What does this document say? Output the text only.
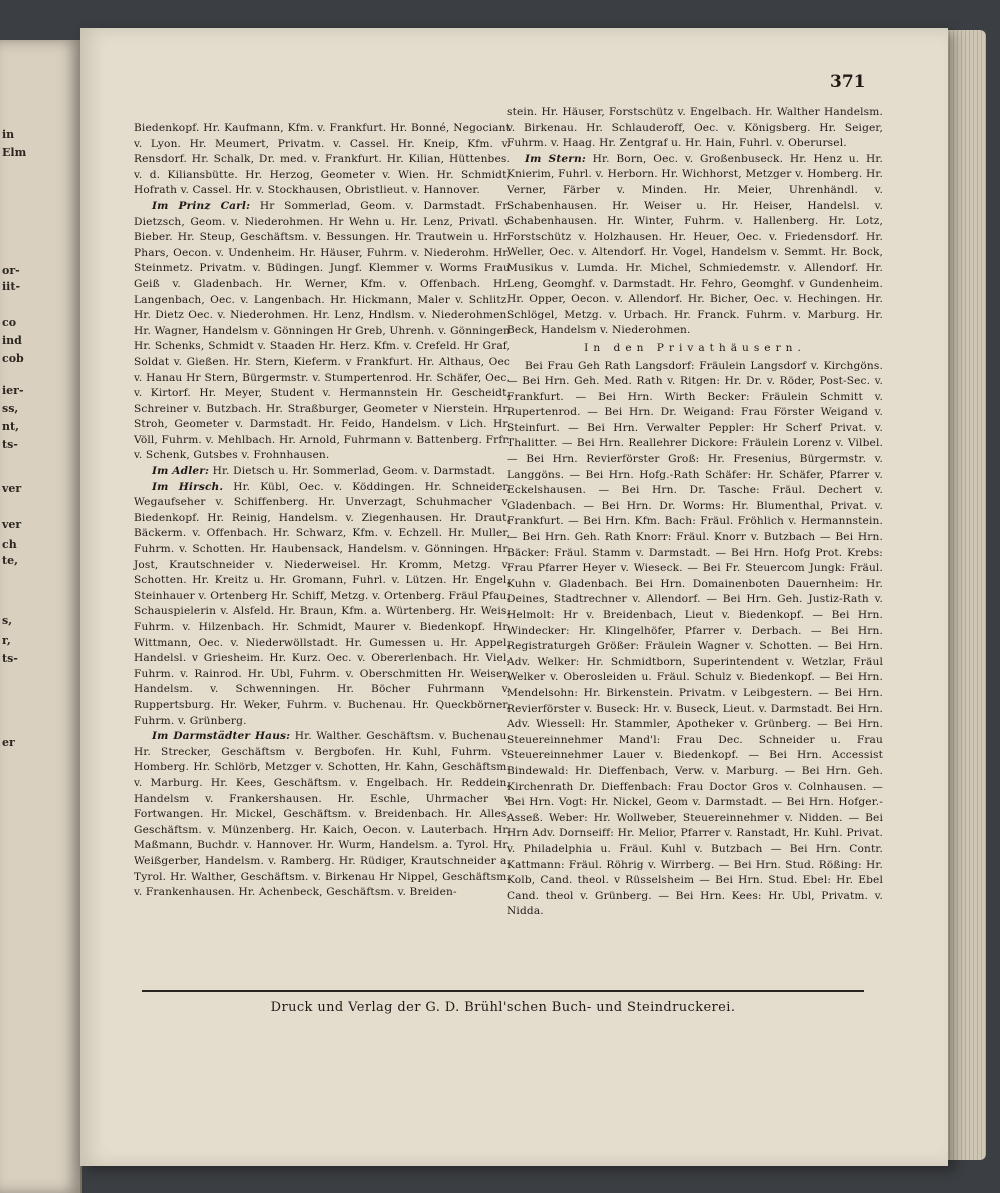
in
Elm
or-
iit-
co
ind
cob
ier-
ss,
nt,
ts-
ver
ver
ch
te,
s,
r,
ts-
er
371

Biedenkopf. Hr. Kaufmann, Kfm. v. Frankfurt. Hr. Bonné, Negociant v. Lyon. Hr. Meumert, Privatm. v. Cassel. Hr. Kneip, Kfm. v. Rensdorf. Hr. Schalk, Dr. med. v. Frankfurt. Hr. Kilian, Hüttenbes. v. d. Kiliansbütte. Hr. Herzog, Geometer v. Wien. Hr. Schmidt, Hofrath v. Cassel. Hr. v. Stockhausen, Obristlieut. v. Hannover.

Im Prinz Carl: Hr Sommerlad, Geom. v. Darmstadt. Fr. Dietzsch, Geom. v. Niederohmen. Hr Wehn u. Hr. Lenz, Privatl. v Bieber. Hr. Steup, Geschäftsm. v. Bessungen. Hr. Trautwein u. Hr. Phars, Oecon. v. Undenheim. Hr. Häuser, Fuhrm. v. Niederohm. Hr. Steinmetz. Privatm. v. Büdingen. Jungf. Klemmer v. Worms Frau Geiß v. Gladenbach. Hr. Werner, Kfm. v. Offenbach. Hr. Langenbach, Oec. v. Langenbach. Hr. Hickmann, Maler v. Schlitz. Hr. Dietz Oec. v. Niederohmen. Hr. Lenz, Hndlsm. v. Niederohmen. Hr. Wagner, Handelsm v. Gönningen Hr Greb, Uhrenh. v. Gönningen Hr. Schenks, Schmidt v. Staaden Hr. Herz. Kfm. v. Crefeld. Hr Graf, Soldat v. Gießen. Hr. Stern, Kieferm. v Frankfurt. Hr. Althaus, Oec v. Hanau Hr Stern, Bürgermstr. v. Stumpertenrod. Hr. Schäfer, Oec. v. Kirtorf. Hr. Meyer, Student v. Hermannstein Hr. Gescheidt, Schreiner v. Butzbach. Hr. Straßburger, Geometer v Nierstein. Hr. Stroh, Geometer v. Darmstadt. Hr. Feido, Handelsm. v Lich. Hr. Völl, Fuhrm. v. Mehlbach. Hr. Arnold, Fuhrmann v. Battenberg. Frfr. v. Schenk, Gutsbes v. Frohnhausen.

Im Adler: Hr. Dietsch u. Hr. Sommerlad, Geom. v. Darmstadt.

Im Hirsch. Hr. Kübl, Oec. v. Köddingen. Hr. Schneider, Wegaufseher v. Schiffenberg. Hr. Unverzagt, Schuhmacher v. Biedenkopf. Hr. Reinig, Handelsm. v. Ziegenhausen. Hr. Draut, Bäckerm. v. Offenbach. Hr. Schwarz, Kfm. v. Echzell. Hr. Muller, Fuhrm. v. Schotten. Hr. Haubensack, Handelsm. v. Gönningen. Hr. Jost, Krautschneider v. Niederweisel. Hr. Kromm, Metzg. v. Schotten. Hr. Kreitz u. Hr. Gromann, Fuhrl. v. Lützen. Hr. Engel, Steinhauer v. Ortenberg Hr. Schiff, Metzg. v. Ortenberg. Fräul Pfau, Schauspielerin v. Alsfeld. Hr. Braun, Kfm. a. Würtenberg. Hr. Weis, Fuhrm. v. Hilzenbach. Hr. Schmidt, Maurer v. Biedenkopf. Hr. Wittmann, Oec. v. Niederwöllstadt. Hr. Gumessen u. Hr. Appel, Handelsl. v Griesheim. Hr. Kurz. Oec. v. Obererlenbach. Hr. Viel, Fuhrm. v. Rainrod. Hr. Ubl, Fuhrm. v. Oberschmitten Hr. Weiser, Handelsm. v. Schwenningen. Hr. Böcher Fuhrmann v. Ruppertsburg. Hr. Weker, Fuhrm. v. Buchenau. Hr. Queckbörner, Fuhrm. v. Grünberg.

Im Darmstädter Haus: Hr. Walther. Geschäftsm. v. Buchenau. Hr. Strecker, Geschäftsm v. Bergbofen. Hr. Kuhl, Fuhrm. v. Homberg. Hr. Schlörb, Metzger v. Schotten, Hr. Kahn, Geschäftsm. v. Marburg. Hr. Kees, Geschäftsm. v. Engelbach. Hr. Reddein, Handelsm v. Frankershausen. Hr. Eschle, Uhrmacher v Fortwangen. Hr. Mickel, Geschäftsm. v. Breidenbach. Hr. Alles, Geschäftsm. v. Münzenberg. Hr. Kaich, Oecon. v. Lauterbach. Hr. Maßmann, Buchdr. v. Hannover. Hr. Wurm, Handelsm. a. Tyrol. Hr. Weißgerber, Handelsm. v. Ramberg. Hr. Rüdiger, Krautschneider a. Tyrol. Hr. Walther, Geschäftsm. v. Birkenau Hr Nippel, Geschäftsm. v. Frankenhausen. Hr. Achenbeck, Geschäftsm. v. Breiden-

stein. Hr. Häuser, Forstschütz v. Engelbach. Hr. Walther Handelsm. v. Birkenau. Hr. Schlauderoff, Oec. v. Königsberg. Hr. Seiger, Fuhrm. v. Haag. Hr. Zentgraf u. Hr. Hain, Fuhrl. v. Oberursel.

Im Stern: Hr. Born, Oec. v. Großenbuseck. Hr. Henz u. Hr. Knierim, Fuhrl. v. Herborn. Hr. Wichhorst, Metzger v. Homberg. Hr. Verner, Färber v. Minden. Hr. Meier, Uhrenhändl. v. Schabenhausen. Hr. Weiser u. Hr. Heiser, Handelsl. v. Schabenhausen. Hr. Winter, Fuhrm. v. Hallenberg. Hr. Lotz, Forstschütz v. Holzhausen. Hr. Heuer, Oec. v. Friedensdorf. Hr. Weller, Oec. v. Altendorf. Hr. Vogel, Handelsm v. Semmt. Hr. Bock, Musikus v. Lumda. Hr. Michel, Schmiedemstr. v. Allendorf. Hr. Leng, Geomghf. v. Darmstadt. Hr. Fehro, Geomghf. v Gundenheim. Hr. Opper, Oecon. v. Allendorf. Hr. Bicher, Oec. v. Hechingen. Hr. Schlögel, Metzg. v. Urbach. Hr. Franck. Fuhrm. v. Marburg. Hr. Beck, Handelsm v. Niederohmen.

In den Privathäusern.

Bei Frau Geh Rath Langsdorf: Fräulein Langsdorf v. Kirchgöns. — Bei Hrn. Geh. Med. Rath v. Ritgen: Hr. Dr. v. Röder, Post-Sec. v. Frankfurt. — Bei Hrn. Wirth Becker: Fräulein Schmitt v. Rupertenrod. — Bei Hrn. Dr. Weigand: Frau Förster Weigand v. Steinfurt. — Bei Hrn. Verwalter Peppler: Hr Scherf Privat. v. Thalitter. — Bei Hrn. Reallehrer Dickore: Fräulein Lorenz v. Vilbel. — Bei Hrn. Revierförster Groß: Hr. Fresenius, Bürgermstr. v. Langgöns. — Bei Hrn. Hofg.-Rath Schäfer: Hr. Schäfer, Pfarrer v. Eckelshausen. — Bei Hrn. Dr. Tasche: Fräul. Dechert v. Gladenbach. — Bei Hrn. Dr. Worms: Hr. Blumenthal, Privat. v. Frankfurt. — Bei Hrn. Kfm. Bach: Fräul. Fröhlich v. Hermannstein. — Bei Hrn. Geh. Rath Knorr: Fräul. Knorr v. Butzbach — Bei Hrn. Bäcker: Fräul. Stamm v. Darmstadt. — Bei Hrn. Hofg Prot. Krebs: Frau Pfarrer Heyer v. Wieseck. — Bei Fr. Steuercom Jungk: Fräul. Kuhn v. Gladenbach. Bei Hrn. Domainenboten Dauernheim: Hr. Deines, Stadtrechner v. Allendorf. — Bei Hrn. Geh. Justiz-Rath v. Helmolt: Hr v. Breidenbach, Lieut v. Biedenkopf. — Bei Hrn. Windecker: Hr. Klingelhöfer, Pfarrer v. Derbach. — Bei Hrn. Registraturgeh Größer: Fräulein Wagner v. Schotten. — Bei Hrn. Adv. Welker: Hr. Schmidtborn, Superintendent v. Wetzlar, Fräul Welker v. Oberosleiden u. Fräul. Schulz v. Biedenkopf. — Bei Hrn. Mendelsohn: Hr. Birkenstein. Privatm. v Leibgestern. — Bei Hrn. Revierförster v. Buseck: Hr. v. Buseck, Lieut. v. Darmstadt. Bei Hrn. Adv. Wiessell: Hr. Stammler, Apotheker v. Grünberg. — Bei Hrn. Steuereinnehmer Mand'l: Frau Dec. Schneider u. Frau Steuereinnehmer Lauer v. Biedenkopf. — Bei Hrn. Accessist Bindewald: Hr. Dieffenbach, Verw. v. Marburg. — Bei Hrn. Geh. Kirchenrath Dr. Dieffenbach: Frau Doctor Gros v. Colnhausen. — Bei Hrn. Vogt: Hr. Nickel, Geom v. Darmstadt. — Bei Hrn. Hofger.-Asseß. Weber: Hr. Wollweber, Steuereinnehmer v. Nidden. — Bei Hrn Adv. Dornseiff: Hr. Melior, Pfarrer v. Ranstadt, Hr. Kuhl. Privat. v. Philadelphia u. Fräul. Kuhl v. Butzbach — Bei Hrn. Contr. Kattmann: Fräul. Röhrig v. Wirrberg. — Bei Hrn. Stud. Rößing: Hr. Kolb, Cand. theol. v Rüsselsheim — Bei Hrn. Stud. Ebel: Hr. Ebel Cand. theol v. Grünberg. — Bei Hrn. Kees: Hr. Ubl, Privatm. v. Nidda.

Druck und Verlag der G. D. Brühl'schen Buch- und Steindruckerei.
